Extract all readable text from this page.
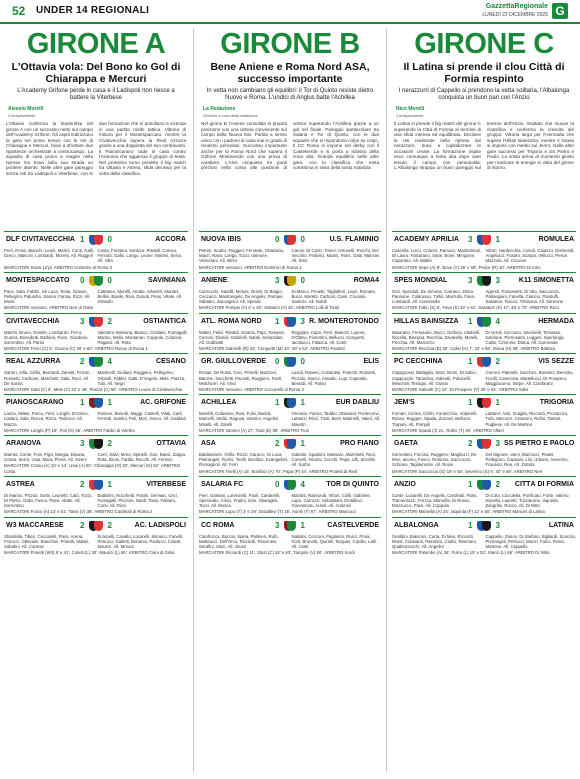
52 UNDER 14 REGIONALI	GazzettaRegionale
LUNEDÌ 22 DICEMBRE 2025 G
GIRONE A
L'Ottavia vola: Del Bono ko Gol di Chiarappa e Mercuri
L'Academy Grifone perde in casa e il Ladispoli non riesce a battere la Viterbese
Alessio Morelli
Corrispondente
L'Ottavia conferma la leadership nel girone A con un successo netto sul campo dell'Academy Grifone. Gli ospiti indirizzano la gara nel primo tempo con le reti di Chiarappa e Mercuri, bravi a sfruttare due ripartenze orchestrate a centrocampo. La squadra di casa prova a reagire nella ripresa ma trova sulla sua strada un portiere attento. Nelle altre gare pareggio senza reti tra Ladispoli e Viterbese, con le due formazioni che si annullano a vicenda in una partita molto tattica. Vittoria di misura per il Montespaccato, mentre la Civitavecchia supera la Real Azzurra grazie a una doppietta del suo centravanti. Il Pianoscarano cade in casa contro l'Aranova che aggancia il gruppo di testa. Nel prossimo turno previsto il big match tra Ottavia e Astrea, sfida decisiva per la vetta della classifica.
DLF CIVITAVECCHIA 1	0	ACCORA
Ferri, Rossi, Bianchi, Leoni, Marini, Conti, Galli, Greco, Mancini, Lombardi, Moretti. All. Ruggeri
Costa, Fontana, Santoro, Rinaldi, Caruso, Ferrara, Gallo, Longo, Leone, Martini, Serra. All. Villa
MARCATORI Rossi 12'pt. ARBITRO Colombo di Roma 2
MONTESPACCATO	0	0	SAVINIANA
Pace, Sala, Fabbri, De Luca, Testa, Grasso, Pellegrini, Palumbo, Sanna, Farina, Rizzi. All. Monti
Cattaneo, Morelli, Amato, Silvestri, Mariani, Bellini, Basile, Riva, Donati, Piras, Vitale. All. Orlando
MARCATORI nessuno. ARBITRO Neri di Ostia
CIVITAVECCHIA	3	2	OSTIANTICA
Marchi, Bruno, Gentile, Lombardo, Ferro, Guerra, Benedetti, Barbieri, Fiore, Giordano, Sorrentino. All. Parisi
Valentini, Messina, Bianco, Cristiani, Fumagalli, Marino, Melis, Montanari, Coppola, Colonna, Pagano. All. Rota
MARCATORI Ferro (C) 5', Guerra (C) 30' e 60'. ARBITRO Russo di Roma 1
REAL AZZURRA	2	4	CESANO
Sartori, Villa, Cirillo, Bernardi, Zanetti, Ferrari, Rossetti, Carbone, Marchetti, Sala, Ricci. All. De Santis
Martinelli, Giuliani, Ruggiero, Pellegrino, Orlandi, Fabbri, Gatti, D'Angelo, Mele, Piazza, Tosi. All. Negri
MARCATORI Gatti (C) 8', Mele (C) 22' e 48', Piazza (C) 65'. ARBITRO Leone di Civitavecchia
PIANOSCARANO	1	1	AC. GRIFONE
Lanza, Milani, Porcu, Ferri, Longhi, D'Amico, Cattani, Sala, Rocca, Rizzo, Tedesco. All. Mazza
Pastore, Bonetti, Maggi, Castelli, Vitali, Carli, Ferretti, Santini, Poli, Mori, Greco. All. Gualtieri
MARCATORI Longhi (P) 18', Poli (G) 55'. ARBITRO Fabbri di Viterbo
ARANOVA	3	2	OTTAVIA
Marras, Conte, Fois, Piga, Murgia, Deiana, Cossu, Serra, Usai, Mura, Pinna. All. Atzeni
Cerri, Salvi, Moro, Spinelli, Gori, Bassi, Zappa, Rota, Bruni, Fadda, Rocchi. All. Ferraro
MARCATORI Cossu (A) 10' e 44', Usai (A) 60', Chiarappa (O) 20', Mercuri (O) 52'. ARBITRO Costa
ASTREA	2	1	VITERBESE
Di Marino, Pizzuti, Sorbi, Leonetti, Calò, Tozzi, Di Pietro, Gallo, Fusco, Pace, Abate. All. Sorrentino
Battistini, Rocchetti, Pasini, Gennari, Ceci, Fumagalli, Piccioni, Nardi, Tassi, Fabiani, Corsi. All. Ricci
MARCATORI Fusco (A) 14' e 51', Tassi (V) 38'. ARBITRO Cardinali di Roma 2
W3 MACCARESE	2	2	AC. LADISPOLI
Sbardella, Tiberi, Ceccarelli, Pace, Arena, Fiorucci, Ottaviani, Bianchini, Proietti, Mattei, Sabatini. All. Cortese
Scarpelli, Cavallo, Lucarelli, Monaco, Fanelli, Petrucci, Galletti, Bonanni, Paolucci, Coletti, Maurizi. All. Moroni
MARCATORI Proietti (W3) 9' e 41', Coletti (L) 30', Maurizi (L) 66'. ARBITRO Ciani di Ostia
GIRONE B
Bene Aniene e Roma Nord ASA, successo importante
In vetta non cambiano gli equilibri: il Tor di Quinto resiste dietro Nuovo e Roma. L'undici di Anglus batte l'Achillea
La Redazione
Servizio a cura della redazione
Nel girone B l'Aniene consolida la propria posizione con una vittoria convincente sul campo della Nuova Ibis. Partita a senso unico con i padroni di casa mai in grado di rendersi pericolosi. Successo importante anche per la Roma Nord che supera il Grifone Monteverde con una prova di carattere. L'ASA conquista tre punti preziosi nella corsa alle posizioni di vertice superando l'Achillea grazie a un gol nel finale. Pareggio spettacolare tra Salaria e Tor di Quinto, con le due squadre che si rispondono colpo su colpo. Il CC Roma si impone nel derby con il Castelverde e si porta a ridosso della zona alta. Grande equilibrio nelle altre gare, con la classifica che resta cortissima in vista della sosta natalizia.
NUOVA IBIS	0	0	U.S. FLAMINIO
Petrini, Scalzo, Ruggeri, Ferrante, Ottaviano, Macrì, Raso, Longo, Tucci, Iannone, Veneziani. All. Mirra
Carosi, Di Carlo, Tomei, Antonelli, Rocchi, Del Vecchio, Federici, Marini, Paris, Gatti, Mancini. All. Sisti
MARCATORI nessuno. ARBITRO Dominici di Roma 1
ANIENE	3	0	ROMA4
Ciarrocchi, Santilli, Meloni, Orsini, Di Biagio, Ceccacci, Mastrangelo, De Angelis, Pompei, Sabatini, Zaccagnini. All. Sperati
Di Marco, Proietti, Tagliaferri, Lepri, Romani, Bucci, Moretti, Carboni, Ciani, Cruciani, Santoro. All. Nobili
MARCATORI Pompei (A) 4' e 40', Sabatini (A) 33'. ARBITRO Lolli di Tivoli
ATL. ROMA NORD	1	3 R. MONTEROTONDO
Mattei, Felici, Rinaldi, Sciarra, Papi, Tomassi, Cerroni, Dionisi, Gabrielli, Natali, Sebastiani. All. Gubbiotti
Reggiani, Capri, Ferri, Bianchi, Lepore, D'Ottavi, Fiorentini, Bellucci, Cerquetti, Iacobucci, Falasca. All. Conti
MARCATORI Gabrielli (R) 22', Cerquetti (M) 10', 48' e 62'. ARBITRO Paoletti
GR. GIULLOVERDE	0	0	ELIS
Rosati, De Rossi, Ceci, Petrelli, Mazzoni, Barone, Sacchetti, Paciotti, Ruggiero, Fanti, Melchiorri. All. Vinci
Lucidi, Ranieri, Costantini, Franchi, Rossetti, Piccolo, Sacco, Amadei, Lupi, Caporale, Berardi. All. Panici
MARCATORI nessuno. ARBITRO Ceccarelli di Roma 2
ACHILLEA	1	1	EUR DABLIU
Monfeli, Colantoni, Rosi, Fulvi, Bartoli, Marcelli, Stella, Ragusa, Vannini, Angelini, Minelli. All. Zarelli
Onorato, Farina, Taddei, Ottaviani, Pontecorvi, Lattanzi, Ricci, Tosti, Berti, Marinelli, Valeri. All. Maestri
MARCATORI Vannini (A) 27', Tosti (E) 58'. ARBITRO Fiori
ASA	2	1	PRO FIANO
Baldassarre, Grillo, Rozzi, Carucci, Di Luca, Pietrangeli, Fiorini, Tirelli, Bonifazi, Evangelisti, Romagnoli. All. Ferri
Galante, Spadoni, Massaro, Marchetti, Ricci, Corsetti, Nicolai, Cucchi, Papa, Lilli, Serafini. All. Sorbo
MARCATORI Tirelli (A) 15', Bonifazi (A) 70', Papa (P) 44'. ARBITRO Proietti di Rieti
SALARIA FC	0	4	TOR DI QUINTO
Pieri, Gaetani, Lorenzetti, Paoli, Cardarelli, Sperandio, Amici, Fratini, Iorio, Sbaraglia, Tocci. All. Mosca
Mariotti, Raimondi, Vittori, Cirilli, Gabriele, Lupo, Carrozzi, Sebastiani, Diotallevi, Giovannoni, Aureli. All. Antonini
MARCATORI Lupo (T) 3' e 29', Diotallevi (T) 45', Aureli (T) 67'. ARBITRO Marcucci
CC ROMA	3	1	CASTELVERDE
Cianfrocca, Boccia, Spina, Palmieri, Rufo, Matteucci, Dell'Orco, Riccardi, Piacentini, Serafini, Stazi. All. Giusti
Natalini, Cecconi, Pagliarini, Rosci, Proia, Forti, Brunetti, Quintili, Tarquini, Cipolla, Lalli. All. Ciotti
MARCATORI Riccardi (C) 11', Stazi (C) 34' e 63', Tarquini (V) 50'. ARBITRO Sordi
GIRONE C
Il Latina si prende il clou Città di Formia respinto
I nerazzurri di Cappello si prendono la vetta solitaria, l'Albalonga conquista un buon pari con l'Anzio
Nico Morelli
Corrispondente
Il Latina si prende il big match del girone C superando la Città di Formia al termine di una sfida intensa ed equilibrata. Decisive le reti realizzate nella ripresa dai nerazzurri, bravi a capitalizzare le occasioni create. La formazione ospite esce comunque a testa alta dopo aver tenuto il campo con personalità. L'Albalonga strappa un buon pareggio sul terreno dell'Anzio, risultato che muove la classifica e conferma la crescita del gruppo. Vittoria larga per l'Hermada che supera l'Hillas Bainsizza, mentre il Gaeta si impone con merito sul Jem's. Nelle altre gare successi per Trigoria e SS Pietro e Paolo. La sosta arriva al momento giusto per ricaricare le energie in vista del girone di ritorno.
ACADEMY APRILIA	3	1	ROMULEA
Cascella, Lucci, Coluzzi, Ranucci, Mastrantoni, Di Lauro, Falzarano, Sepe, Bove, Mingione, Caporaso. All. Mattei
Vittori, Nardecchia, Ciotoli, Caiazzo, Gismondi, Angelucci, Fusaro, Scarpa, Vellucci, Pesce, Mazzola. All. Ciccone
MARCATORI Sepe (A) 8', Bove (A) 26' e 59', Pesce (R) 40'. ARBITRO Di Iorio
SPES MONDIAL	3	3	K11 SIMONETTA
Orsi, Sperduti, De Simone, Carrano, Zinno, Pannone, Colarusso, Tullio, Marzullo, Fava, Lombardi. All. Ciaramella
Agresti, Tomassetti, Di Vito, Saccoccia, Palmegiani, Fanella, Ciancio, Pandolfi, Salvatori, Fiacco, Tintisona. All. Simeone
MARCATORI Tullio (S) 5', Fava (S) 33' e 61', Salvatori (K) 17', 45' e 70'. ARBITRO Ricci
HILLAS BAINSIZZA	1	4	HERMADA
Maiorano, Ferraiuolo, Bucci, Gelfusa, Altobelli, Nocella, Bisegna, Recchia, Zavarella, Morelli, Pecchia. All. Marrazzo
Di Veroli, Ceccano, Sarcinelli, Tomasso, Nardone, Pietrosanti, Leggeri, Sperlonga, Calisi, Cimmino, Diana. All. Carnevale
MARCATORI Recchia (B) 35', Calisi (H) 7', 22' e 58', Diana (H) 69'. ARBITRO Battista
PC CECCHINA	1	2	VIS SEZZE
Capogrossi, Battaglia, Stazi, Bruni, Di Salvo, Cappuccini, Tarantino, Galeotti, Pulcinelli, Meschini, Tersigni. All. Grassi
Cerroni, Palombi, Zaccheo, Bonanni, Bernola, Fiorilli, Camerota, Martellucci, Di Prospero, Maggiacomo, Stirpe. All. Cianfarani
MARCATORI Galeotti (C) 12', Di Prospero (V) 30' e 64'. ARBITRO Salvi
JEM'S	1	1	TRIGORIA
Fornari, Cerina, Cirillo, Fontecchio, Volpicelli, Russo, Ruggeri, Spada, Zuccari, Bellucci, Trapani. All. Pompili
Lattanzi, Vari, Scaglia, Riccardi, Procaccini, Tufo, Mecozzi, Cesaroni, Rufini, Tantari, Pugliese. All. De Martino
MARCATORI Spada (J) 21', Rufini (T) 49'. ARBITRO Altieri
GAETA	2	3 SS PIETRO E PAOLO
Sorrentino, Forcina, Ruggiero, Magliozzi, De Meo, Iacono, Fusco, Rotunno, Saccoccio, Schiano, Tagliamonte. All. Rossi
Del Signore, Ianni, Marcucci, Pisani, Pellegrino, Capuani, Lisi, Urbano, Severino, Fracassi, Rea. All. Zottola
MARCATORI Saccoccio (G) 18' e 55', Severino (S) 6', 40' e 66'. ARBITRO Neri
ANZIO	1	2	CITTÀ DI FORMIA
Conte, Lucarelli, De Angelis, Cardinali, Paris, Tramentozzi, Frezza, Marsella, Di Russo, Mazzucco, Pace. All. Coppola
Di Cola, Ciccolella, Purificato, Forte, Valerio, Nocella, Lauretti, Tucciarone, Iaquinta, Zangrillo, Rocco. All. Di Nitto
MARCATORI Marsella (A) 25', Iaquinta (F) 12' e 60'. ARBITRO Mancini di Latina
ALBALONGA	1	3	LATINA
Gentilini, Bianconi, Carta, Di Meo, Ricciotti, Monti, Colasanti, Palombo, Ciarla, Tammaro, Quattrociocchi. All. Angelini
Cappello, Zanon, Di Stefano, Bigliardi, Scaccia, Pietrangeli, Petrucci, Manzi, Fulco, Rossi, Martone. All. Cappello
MARCATORI Palombo (A) 36', Fulco (L) 15' e 52', Manzi (L) 68'. ARBITRO Di Nitto
